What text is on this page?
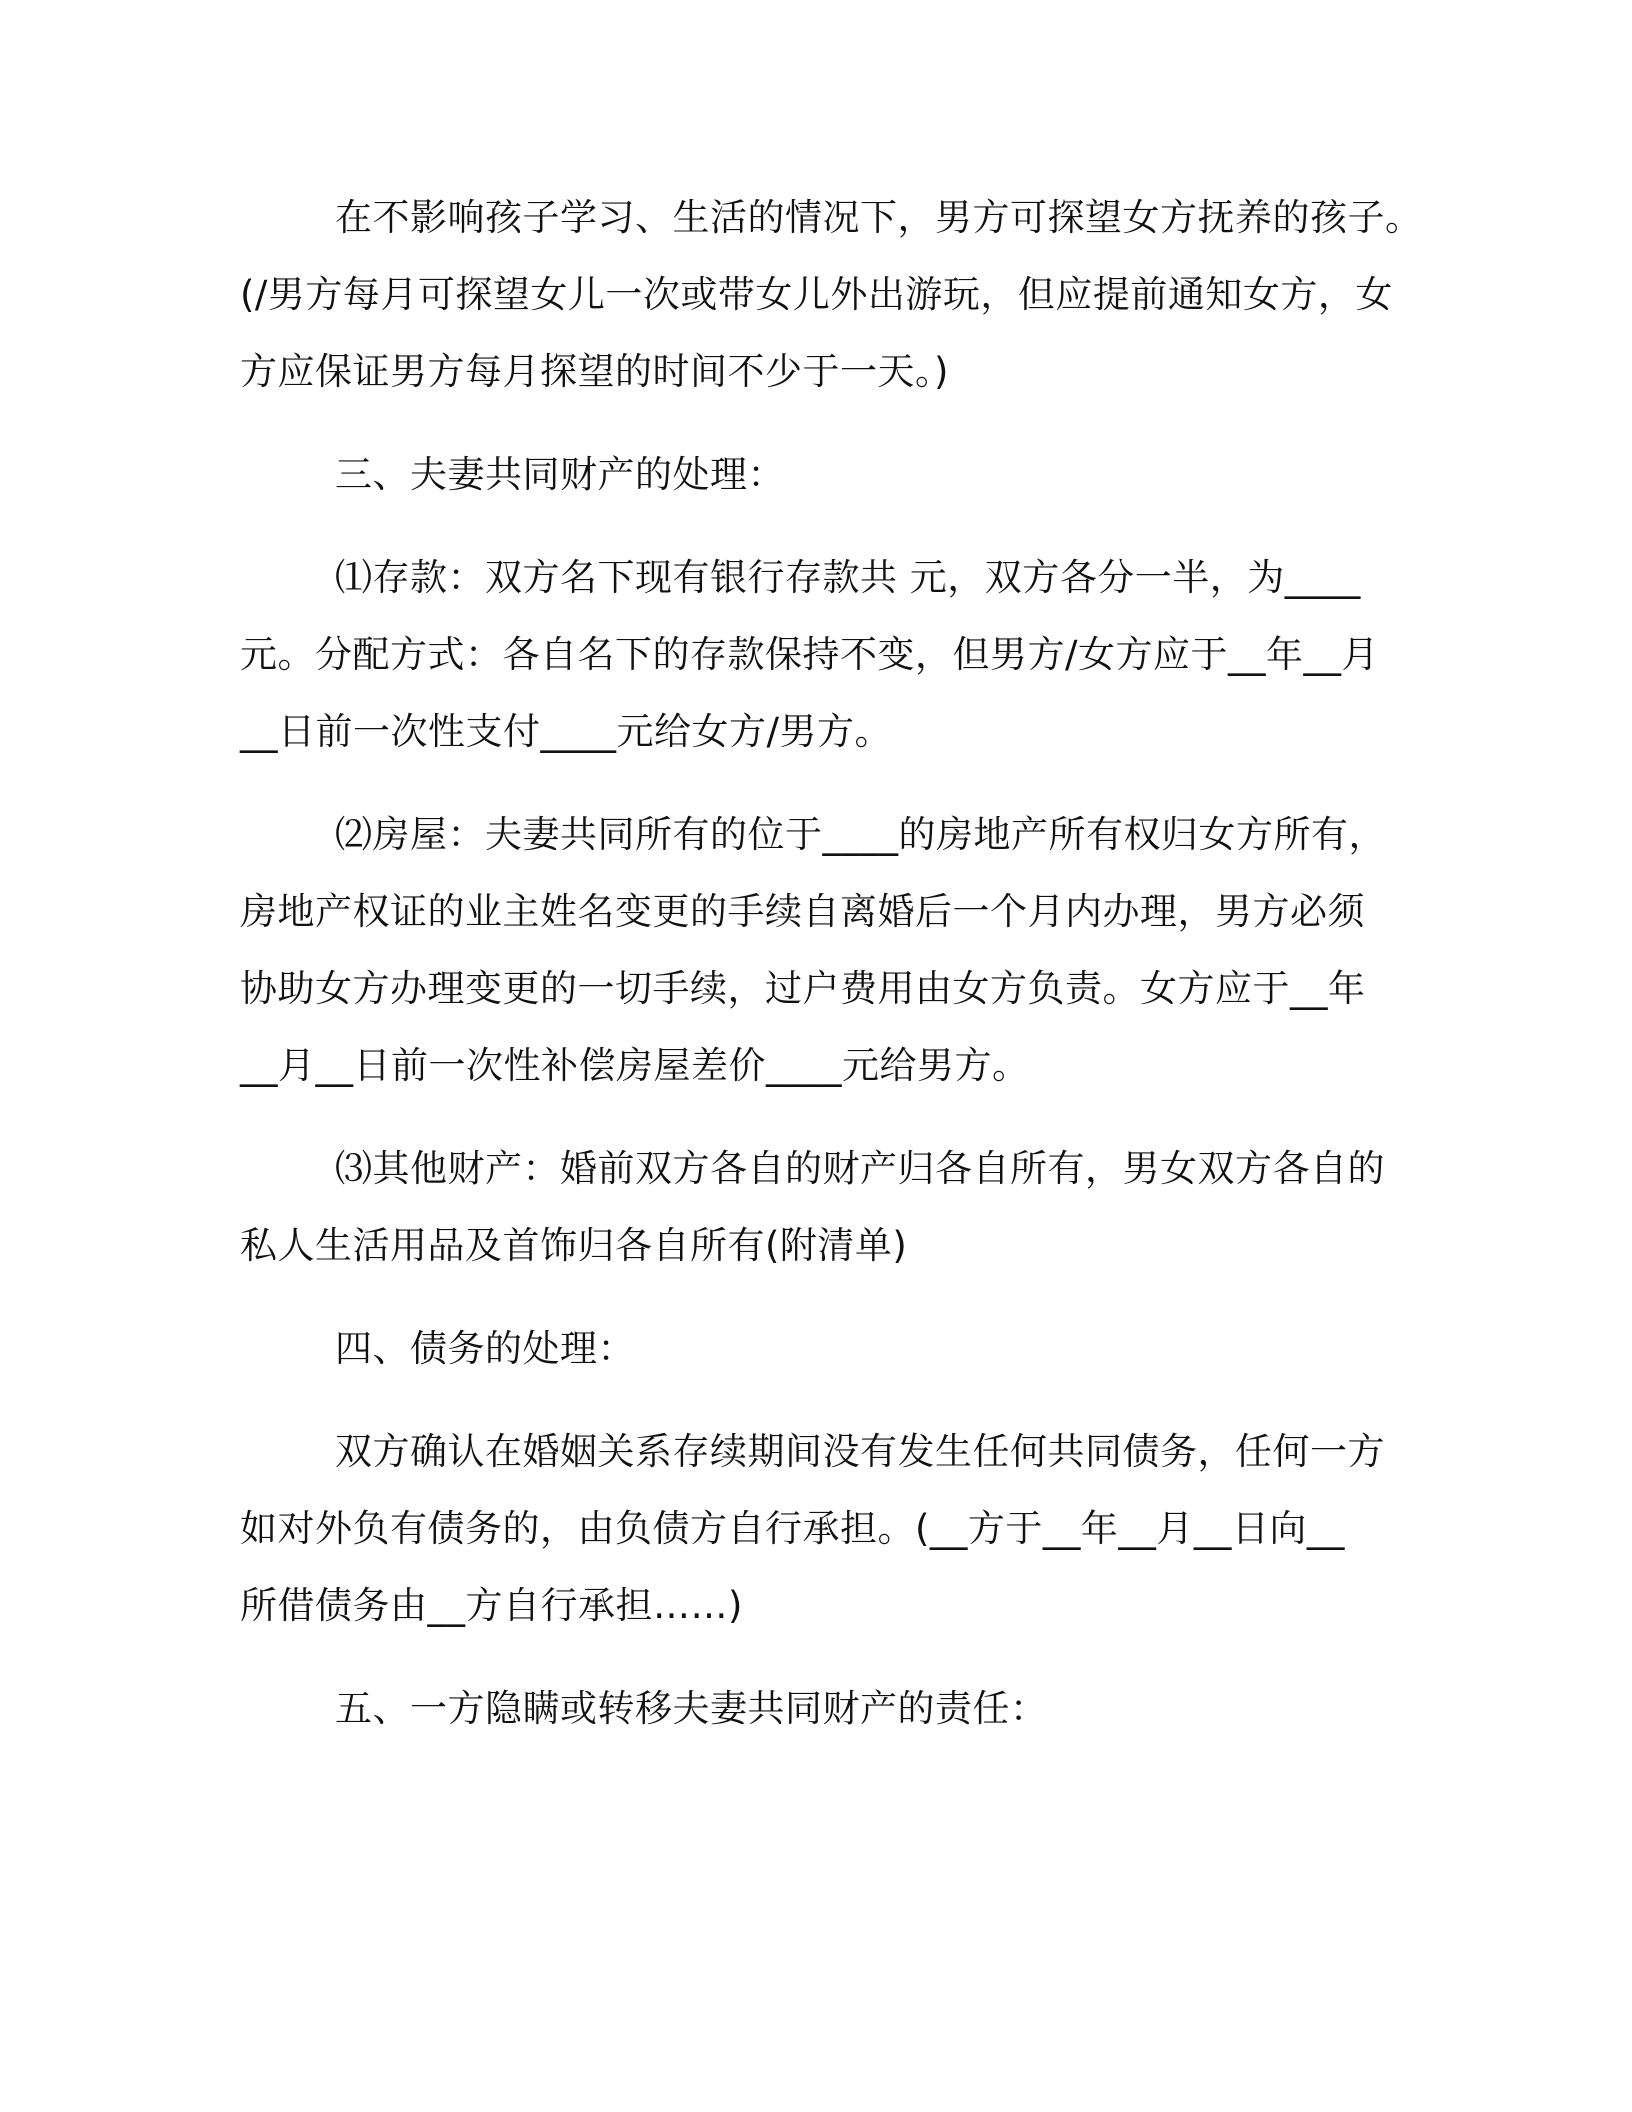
在不影响孩子学习、生活的情况下，男方可探望女方抚养的孩子。

(/男方每月可探望女儿一次或带女儿外出游玩，但应提前通知女方，女

方应保证男方每月探望的时间不少于一天。)

三、夫妻共同财产的处理：

⑴存款：双方名下现有银行存款共 元，双方各分一半，为____

元。分配方式：各自名下的存款保持不变，但男方/女方应于__年__月

__日前一次性支付____元给女方/男方。

⑵房屋：夫妻共同所有的位于____的房地产所有权归女方所有，

房地产权证的业主姓名变更的手续自离婚后一个月内办理，男方必须

协助女方办理变更的一切手续，过户费用由女方负责。女方应于__年

__月__日前一次性补偿房屋差价____元给男方。

⑶其他财产：婚前双方各自的财产归各自所有，男女双方各自的

私人生活用品及首饰归各自所有(附清单)

四、债务的处理：

双方确认在婚姻关系存续期间没有发生任何共同债务，任何一方

如对外负有债务的，由负债方自行承担。(__方于__年__月__日向__

所借债务由__方自行承担……)

五、一方隐瞒或转移夫妻共同财产的责任：
